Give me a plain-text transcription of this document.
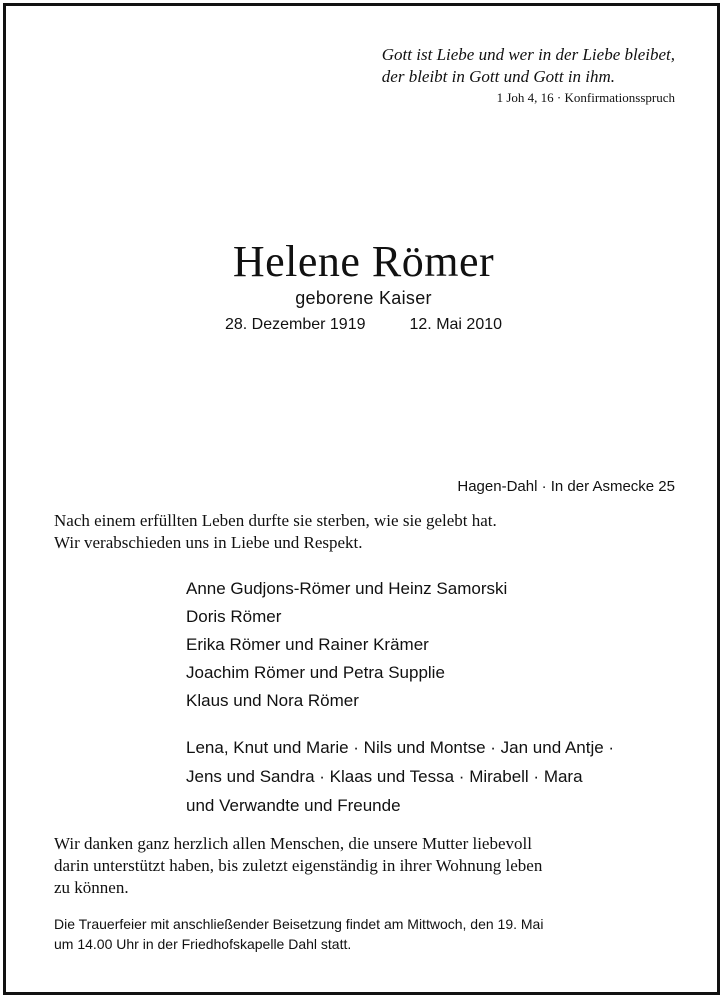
Gott ist Liebe und wer in der Liebe bleibet,
der bleibt in Gott und Gott in ihm.
1 Joh 4, 16 · Konfirmationsspruch
Helene Römer
geborene Kaiser
28. Dezember 1919	12. Mai 2010
Hagen-Dahl · In der Asmecke 25
Nach einem erfüllten Leben durfte sie sterben, wie sie gelebt hat.
Wir verabschieden uns in Liebe und Respekt.
Anne Gudjons-Römer und Heinz Samorski
Doris Römer
Erika Römer und Rainer Krämer
Joachim Römer und Petra Supplie
Klaus und Nora Römer
Lena, Knut und Marie · Nils und Montse · Jan und Antje ·
Jens und Sandra · Klaas und Tessa · Mirabell · Mara
und Verwandte und Freunde
Wir danken ganz herzlich allen Menschen, die unsere Mutter liebevoll
darin unterstützt haben, bis zuletzt eigenständig in ihrer Wohnung leben
zu können.
Die Trauerfeier mit anschließender Beisetzung findet am Mittwoch, den 19. Mai
um 14.00 Uhr in der Friedhofskapelle Dahl statt.
